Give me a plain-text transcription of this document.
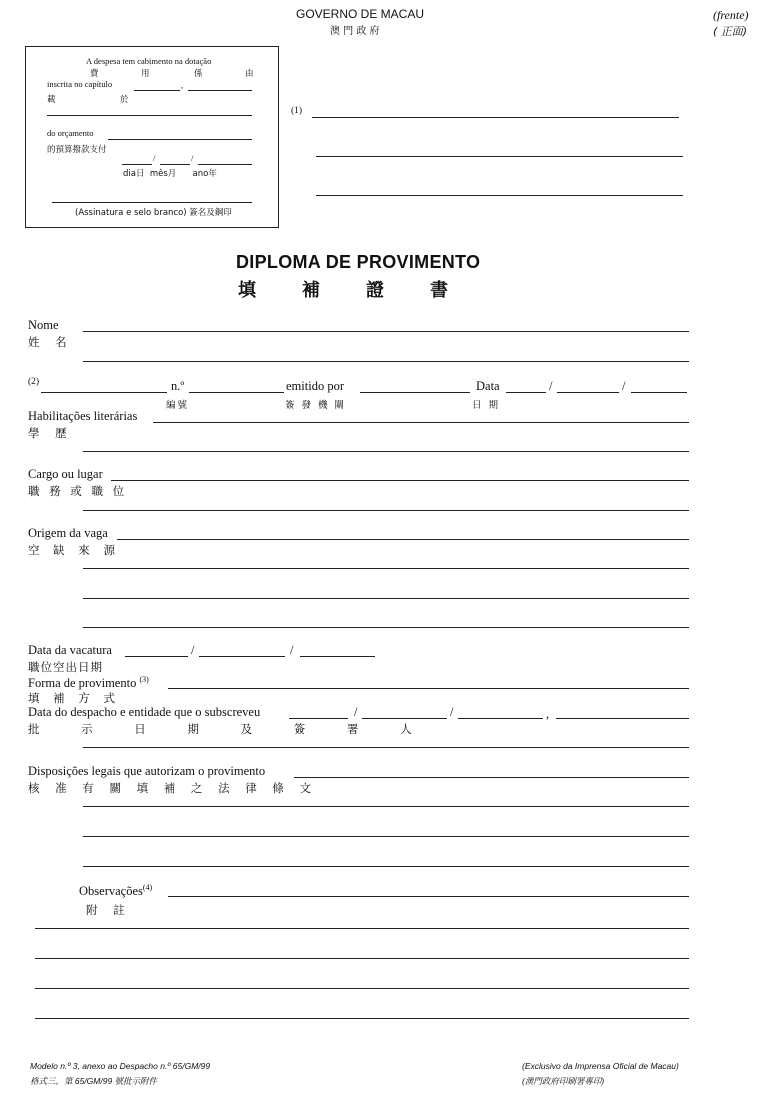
GOVERNO DE MACAU
澳 門 政 府
(frente)
( 正面)
A despesa tem cabimento na dotação
費	用	係	由
inscrita no capítulo	,
載	於
do orçamento
的預算撥款支付
/	/
dia日  mês月      ano年
(Assinatura e selo branco) 簽名及鋼印
(1)
DIPLOMA DE PROVIMENTO
填補證書
Nome
姓 名
(2)	n.º	emitido por	Data	/	/
編號	簽 發 機 關	日 期
Habilitações literárias
學 歷
Cargo ou lugar
職 務 或 職 位
Origem da vaga
空 缺 來 源
Data da vacatura	/	/
職位空出日期
Forma de provimento $^{(3)}$
填 補 方 式
Data do despacho e entidade que o subscreveu	/	/	,
批 示 日 期 及 簽 署 人
Disposições legais que autorizam o provimento
核 准 有 關 填 補 之 法 律 條 文
Observações$^{(4)}$
附 註
Modelo n.º 3, anexo ao Despacho n.º 65/GM/99
格式三，第 65/GM/99 號批示附件
(Exclusivo da Imprensa Oficial de Macau)
(澳門政府印刷署專印)
